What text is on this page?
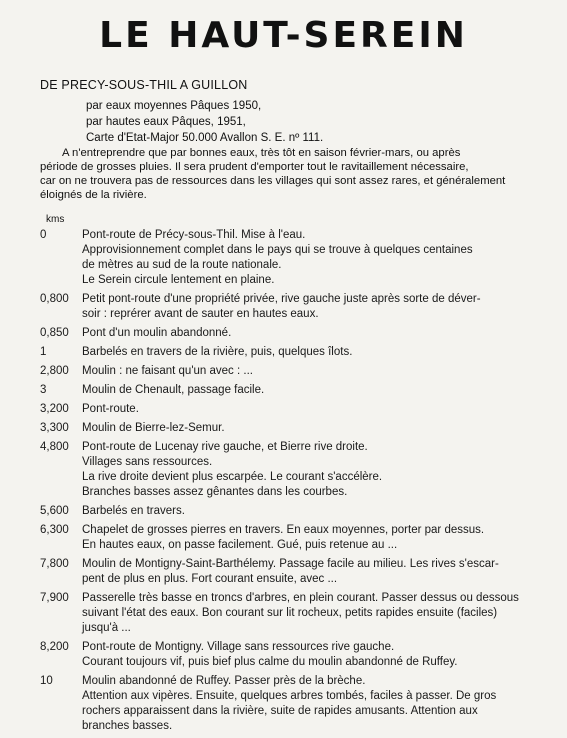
LE HAUT-SEREIN
DE PRECY-SOUS-THIL A GUILLON
par eaux moyennes Pâques 1950,
par hautes eaux Pâques, 1951,
Carte d'Etat-Major 50.000 Avallon S. E. nº 111.
A n'entreprendre que par bonnes eaux, très tôt en saison février-mars, ou après
période de grosses pluies. Il sera prudent d'emporter tout le ravitaillement nécessaire,
car on ne trouvera pas de ressources dans les villages qui sont assez rares, et généralement
éloignés de la rivière.
kms
0	Pont-route de Précy-sous-Thil. Mise à l'eau.
Approvisionnement complet dans le pays qui se trouve à quelques centaines
de mètres au sud de la route nationale.
Le Serein circule lentement en plaine.
0,800	Petit pont-route d'une propriété privée, rive gauche juste après sorte de déver-
soir : reprérer avant de sauter en hautes eaux.
0,850	Pont d'un moulin abandonné.
1	Barbelés en travers de la rivière, puis, quelques îlots.
2,800	Moulin : ne faisant qu'un avec : ...
3	Moulin de Chenault, passage facile.
3,200	Pont-route.
3,300	Moulin de Bierre-lez-Semur.
4,800	Pont-route de Lucenay rive gauche, et Bierre rive droite.
Villages sans ressources.
La rive droite devient plus escarpée. Le courant s'accélère.
Branches basses assez gênantes dans les courbes.
5,600	Barbelés en travers.
6,300	Chapelet de grosses pierres en travers. En eaux moyennes, porter par dessus.
En hautes eaux, on passe facilement. Gué, puis retenue au ...
7,800	Moulin de Montigny-Saint-Barthélemy. Passage facile au milieu. Les rives s'escar-
pent de plus en plus. Fort courant ensuite, avec ...
7,900	Passerelle très basse en troncs d'arbres, en plein courant. Passer dessus ou dessous
suivant l'état des eaux. Bon courant sur lit rocheux, petits rapides ensuite (faciles)
jusqu'à ...
8,200	Pont-route de Montigny. Village sans ressources rive gauche.
Courant toujours vif, puis bief plus calme du moulin abandonné de Ruffey.
10	Moulin abandonné de Ruffey. Passer près de la brèche.
Attention aux vipères. Ensuite, quelques arbres tombés, faciles à passer. De gros
rochers apparaissent dans la rivière, suite de rapides amusants. Attention aux
branches basses.
